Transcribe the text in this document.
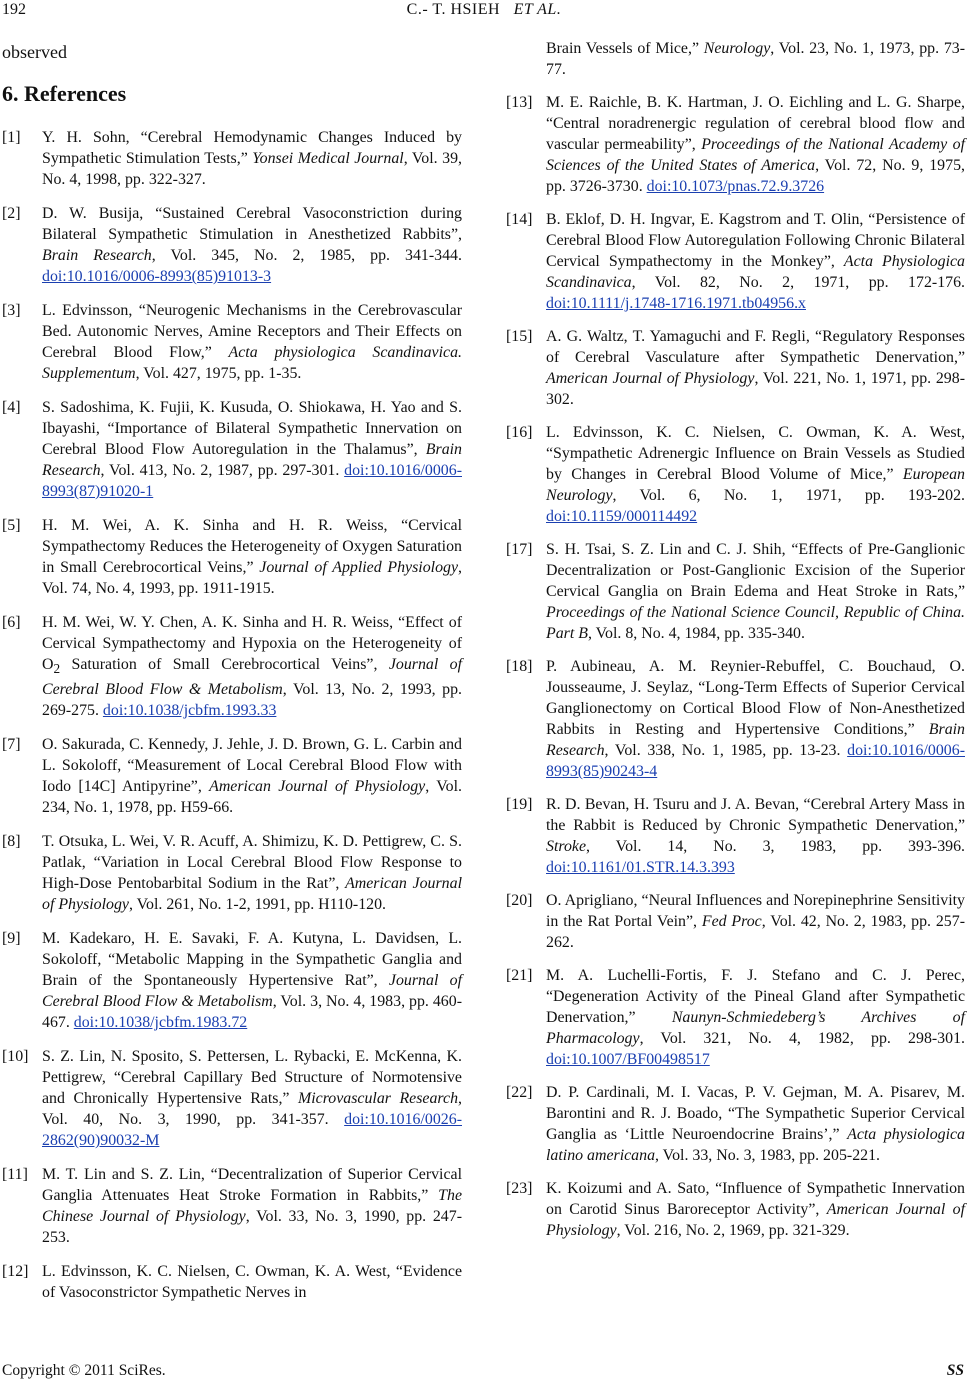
192	C.- T. HSIEH ET AL.
observed
6. References
[1] Y. H. Sohn, “Cerebral Hemodynamic Changes Induced by Sympathetic Stimulation Tests,” Yonsei Medical Journal, Vol. 39, No. 4, 1998, pp. 322-327.
[2] D. W. Busija, “Sustained Cerebral Vasoconstriction during Bilateral Sympathetic Stimulation in Anesthetized Rabbits”, Brain Research, Vol. 345, No. 2, 1985, pp. 341-344. doi:10.1016/0006-8993(85)91013-3
[3] L. Edvinsson, “Neurogenic Mechanisms in the Cerebrovascular Bed. Autonomic Nerves, Amine Receptors and Their Effects on Cerebral Blood Flow,” Acta physiologica Scandinavica. Supplementum, Vol. 427, 1975, pp. 1-35.
[4] S. Sadoshima, K. Fujii, K. Kusuda, O. Shiokawa, H. Yao and S. Ibayashi, “Importance of Bilateral Sympathetic Innervation on Cerebral Blood Flow Autoregulation in the Thalamus”, Brain Research, Vol. 413, No. 2, 1987, pp. 297-301. doi:10.1016/0006-8993(87)91020-1
[5] H. M. Wei, A. K. Sinha and H. R. Weiss, “Cervical Sympathectomy Reduces the Heterogeneity of Oxygen Saturation in Small Cerebrocortical Veins,” Journal of Applied Physiology, Vol. 74, No. 4, 1993, pp. 1911-1915.
[6] H. M. Wei, W. Y. Chen, A. K. Sinha and H. R. Weiss, “Effect of Cervical Sympathectomy and Hypoxia on the Heterogeneity of $O_2$ Saturation of Small Cerebrocortical Veins”, Journal of Cerebral Blood Flow & Metabolism, Vol. 13, No. 2, 1993, pp. 269-275. doi:10.1038/jcbfm.1993.33
[7] O. Sakurada, C. Kennedy, J. Jehle, J. D. Brown, G. L. Carbin and L. Sokoloff, “Measurement of Local Cerebral Blood Flow with Iodo [14C] Antipyrine”, American Journal of Physiology, Vol. 234, No. 1, 1978, pp. H59-66.
[8] T. Otsuka, L. Wei, V. R. Acuff, A. Shimizu, K. D. Pettigrew, C. S. Patlak, “Variation in Local Cerebral Blood Flow Response to High-Dose Pentobarbital Sodium in the Rat”, American Journal of Physiology, Vol. 261, No. 1-2, 1991, pp. H110-120.
[9] M. Kadekaro, H. E. Savaki, F. A. Kutyna, L. Davidsen, L. Sokoloff, “Metabolic Mapping in the Sympathetic Ganglia and Brain of the Spontaneously Hypertensive Rat”, Journal of Cerebral Blood Flow & Metabolism, Vol. 3, No. 4, 1983, pp. 460-467. doi:10.1038/jcbfm.1983.72
[10] S. Z. Lin, N. Sposito, S. Pettersen, L. Rybacki, E. McKenna, K. Pettigrew, “Cerebral Capillary Bed Structure of Normotensive and Chronically Hypertensive Rats,” Microvascular Research, Vol. 40, No. 3, 1990, pp. 341-357. doi:10.1016/0026-2862(90)90032-M
[11] M. T. Lin and S. Z. Lin, “Decentralization of Superior Cervical Ganglia Attenuates Heat Stroke Formation in Rabbits,” The Chinese Journal of Physiology, Vol. 33, No. 3, 1990, pp. 247-253.
[12] L. Edvinsson, K. C. Nielsen, C. Owman, K. A. West, “Evidence of Vasoconstrictor Sympathetic Nerves in
Brain Vessels of Mice,” Neurology, Vol. 23, No. 1, 1973, pp. 73-77.
[13] M. E. Raichle, B. K. Hartman, J. O. Eichling and L. G. Sharpe, “Central noradrenergic regulation of cerebral blood flow and vascular permeability”, Proceedings of the National Academy of Sciences of the United States of America, Vol. 72, No. 9, 1975, pp. 3726-3730. doi:10.1073/pnas.72.9.3726
[14] B. Eklof, D. H. Ingvar, E. Kagstrom and T. Olin, “Persistence of Cerebral Blood Flow Autoregulation Following Chronic Bilateral Cervical Sympathectomy in the Monkey”, Acta Physiologica Scandinavica, Vol. 82, No. 2, 1971, pp. 172-176. doi:10.1111/j.1748-1716.1971.tb04956.x
[15] A. G. Waltz, T. Yamaguchi and F. Regli, “Regulatory Responses of Cerebral Vasculature after Sympathetic Denervation,” American Journal of Physiology, Vol. 221, No. 1, 1971, pp. 298-302.
[16] L. Edvinsson, K. C. Nielsen, C. Owman, K. A. West, “Sympathetic Adrenergic Influence on Brain Vessels as Studied by Changes in Cerebral Blood Volume of Mice,” European Neurology, Vol. 6, No. 1, 1971, pp. 193-202. doi:10.1159/000114492
[17] S. H. Tsai, S. Z. Lin and C. J. Shih, “Effects of Pre-Ganglionic Decentralization or Post-Ganglionic Excision of the Superior Cervical Ganglia on Brain Edema and Heat Stroke in Rats,” Proceedings of the National Science Council, Republic of China. Part B, Vol. 8, No. 4, 1984, pp. 335-340.
[18] P. Aubineau, A. M. Reynier-Rebuffel, C. Bouchaud, O. Jousseaume, J. Seylaz, “Long-Term Effects of Superior Cervical Ganglionectomy on Cortical Blood Flow of Non-Anesthetized Rabbits in Resting and Hypertensive Conditions,” Brain Research, Vol. 338, No. 1, 1985, pp. 13-23. doi:10.1016/0006-8993(85)90243-4
[19] R. D. Bevan, H. Tsuru and J. A. Bevan, “Cerebral Artery Mass in the Rabbit is Reduced by Chronic Sympathetic Denervation,” Stroke, Vol. 14, No. 3, 1983, pp. 393-396. doi:10.1161/01.STR.14.3.393
[20] O. Aprigliano, “Neural Influences and Norepinephrine Sensitivity in the Rat Portal Vein”, Fed Proc, Vol. 42, No. 2, 1983, pp. 257-262.
[21] M. A. Luchelli-Fortis, F. J. Stefano and C. J. Perec, “Degeneration Activity of the Pineal Gland after Sympathetic Denervation,” Naunyn-Schmiedeberg’s Archives of Pharmacology, Vol. 321, No. 4, 1982, pp. 298-301. doi:10.1007/BF00498517
[22] D. P. Cardinali, M. I. Vacas, P. V. Gejman, M. A. Pisarev, M. Barontini and R. J. Boado, “The Sympathetic Superior Cervical Ganglia as ‘Little Neuroendocrine Brains’,” Acta physiologica latino americana, Vol. 33, No. 3, 1983, pp. 205-221.
[23] K. Koizumi and A. Sato, “Influence of Sympathetic Innervation on Carotid Sinus Baroreceptor Activity”, American Journal of Physiology, Vol. 216, No. 2, 1969, pp. 321-329.
Copyright © 2011 SciRes.	SS
